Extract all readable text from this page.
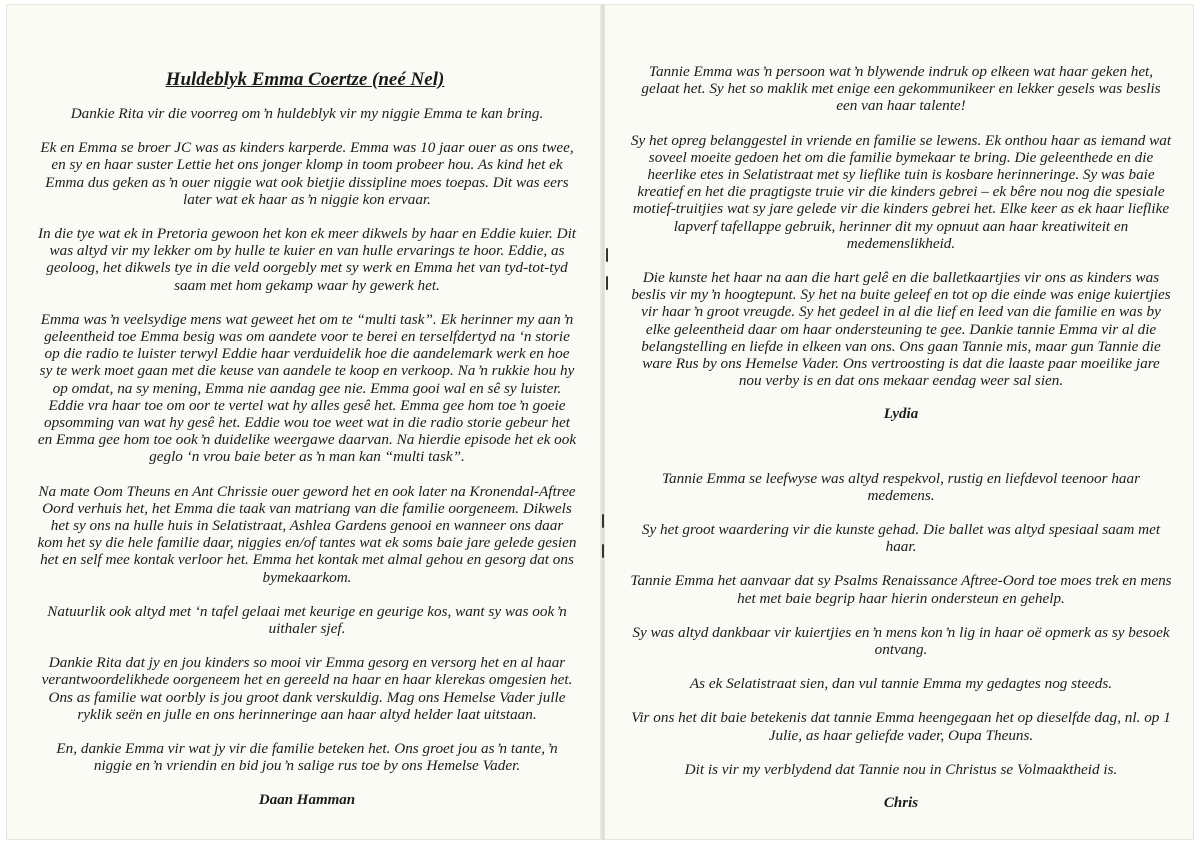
Huldeblyk Emma Coertze (neé Nel)

Dankie Rita vir die voorreg om ŉ huldeblyk vir my niggie Emma te kan bring.

Ek en Emma se broer JC was as kinders karperde. Emma was 10 jaar ouer as ons twee, en sy en haar suster Lettie het ons jonger klomp in toom probeer hou. As kind het ek Emma dus geken as ŉ ouer niggie wat ook bietjie dissipline moes toepas. Dit was eers later wat ek haar as ŉ niggie kon ervaar.

In die tye wat ek in Pretoria gewoon het kon ek meer dikwels by haar en Eddie kuier. Dit was altyd vir my lekker om by hulle te kuier en van hulle ervarings te hoor. Eddie, as geoloog, het dikwels tye in die veld oorgebly met sy werk en Emma het van tyd-tot-tyd saam met hom gekamp waar hy gewerk het.

Emma was ŉ veelsydige mens wat geweet het om te “multi task”. Ek herinner my aan ŉ geleentheid toe Emma besig was om aandete voor te berei en terselfdertyd na ‘n storie op die radio te luister terwyl Eddie haar verduidelik hoe die aandelemark werk en hoe sy te werk moet gaan met die keuse van aandele te koop en verkoop. Na ŉ rukkie hou hy op omdat, na sy mening, Emma nie aandag gee nie. Emma gooi wal en sê sy luister. Eddie vra haar toe om oor te vertel wat hy alles gesê het. Emma gee hom toe ŉ goeie opsomming van wat hy gesê het. Eddie wou toe weet wat in die radio storie gebeur het en Emma gee hom toe ook ŉ duidelike weergawe daarvan. Na hierdie episode het ek ook geglo ‘n vrou baie beter as ŉ man kan “multi task”.

Na mate Oom Theuns en Ant Chrissie ouer geword het en ook later na Kronendal-Aftree Oord verhuis het, het Emma die taak van matriang van die familie oorgeneem. Dikwels het sy ons na hulle huis in Selatistraat, Ashlea Gardens genooi en wanneer ons daar kom het sy die hele familie daar, niggies en/of tantes wat ek soms baie jare gelede gesien het en self mee kontak verloor het. Emma het kontak met almal gehou en gesorg dat ons bymekaarkom.

Natuurlik ook altyd met ‘n tafel gelaai met keurige en geurige kos, want sy was ook ŉ uithaler sjef.

Dankie Rita dat jy en jou kinders so mooi vir Emma gesorg en versorg het en al haar verantwoordelikhede oorgeneem het en gereeld na haar en haar klerekas omgesien het. Ons as familie wat oorbly is jou groot dank verskuldig. Mag ons Hemelse Vader julle ryklik seën en julle en ons herinneringe aan haar altyd helder laat uitstaan.

En, dankie Emma vir wat jy vir die familie beteken het. Ons groet jou as ŉ tante, ŉ niggie en ŉ vriendin en bid jou ŉ salige rus toe by ons Hemelse Vader.

Daan Hamman

Tannie Emma was ŉ persoon wat ŉ blywende indruk op elkeen wat haar geken het, gelaat het. Sy het so maklik met enige een gekommunikeer en lekker gesels was beslis een van haar talente!

Sy het opreg belanggestel in vriende en familie se lewens. Ek onthou haar as iemand wat soveel moeite gedoen het om die familie bymekaar te bring. Die geleenthede en die heerlike etes in Selatistraat met sy lieflike tuin is kosbare herinneringe. Sy was baie kreatief en het die pragtigste truie vir die kinders gebrei – ek bêre nou nog die spesiale motief-truitjies wat sy jare gelede vir die kinders gebrei het. Elke keer as ek haar lieflike lapverf tafellappe gebruik, herinner dit my opnuut aan haar kreatiwiteit en medemenslikheid.

Die kunste het haar na aan die hart gelê en die balletkaartjies vir ons as kinders was beslis vir my ŉ hoogtepunt. Sy het na buite geleef en tot op die einde was enige kuiertjies vir haar ŉ groot vreugde. Sy het gedeel in al die lief en leed van die familie en was by elke geleentheid daar om haar ondersteuning te gee. Dankie tannie Emma vir al die belangstelling en liefde in elkeen van ons. Ons gaan Tannie mis, maar gun Tannie die ware Rus by ons Hemelse Vader. Ons vertroosting is dat die laaste paar moeilike jare nou verby is en dat ons mekaar eendag weer sal sien.

Lydia

Tannie Emma se leefwyse was altyd respekvol, rustig en liefdevol teenoor haar medemens.

Sy het groot waardering vir die kunste gehad. Die ballet was altyd spesiaal saam met haar.

Tannie Emma het aanvaar dat sy Psalms Renaissance Aftree-Oord toe moes trek en mens het met baie begrip haar hierin ondersteun en gehelp.

Sy was altyd dankbaar vir kuiertjies en ŉ mens kon ŉ lig in haar oë opmerk as sy besoek ontvang.

As ek Selatistraat sien, dan vul tannie Emma my gedagtes nog steeds.

Vir ons het dit baie betekenis dat tannie Emma heengegaan het op dieselfde dag, nl. op 1 Julie, as haar geliefde vader, Oupa Theuns.

Dit is vir my verblydend dat Tannie nou in Christus se Volmaaktheid is.

Chris
